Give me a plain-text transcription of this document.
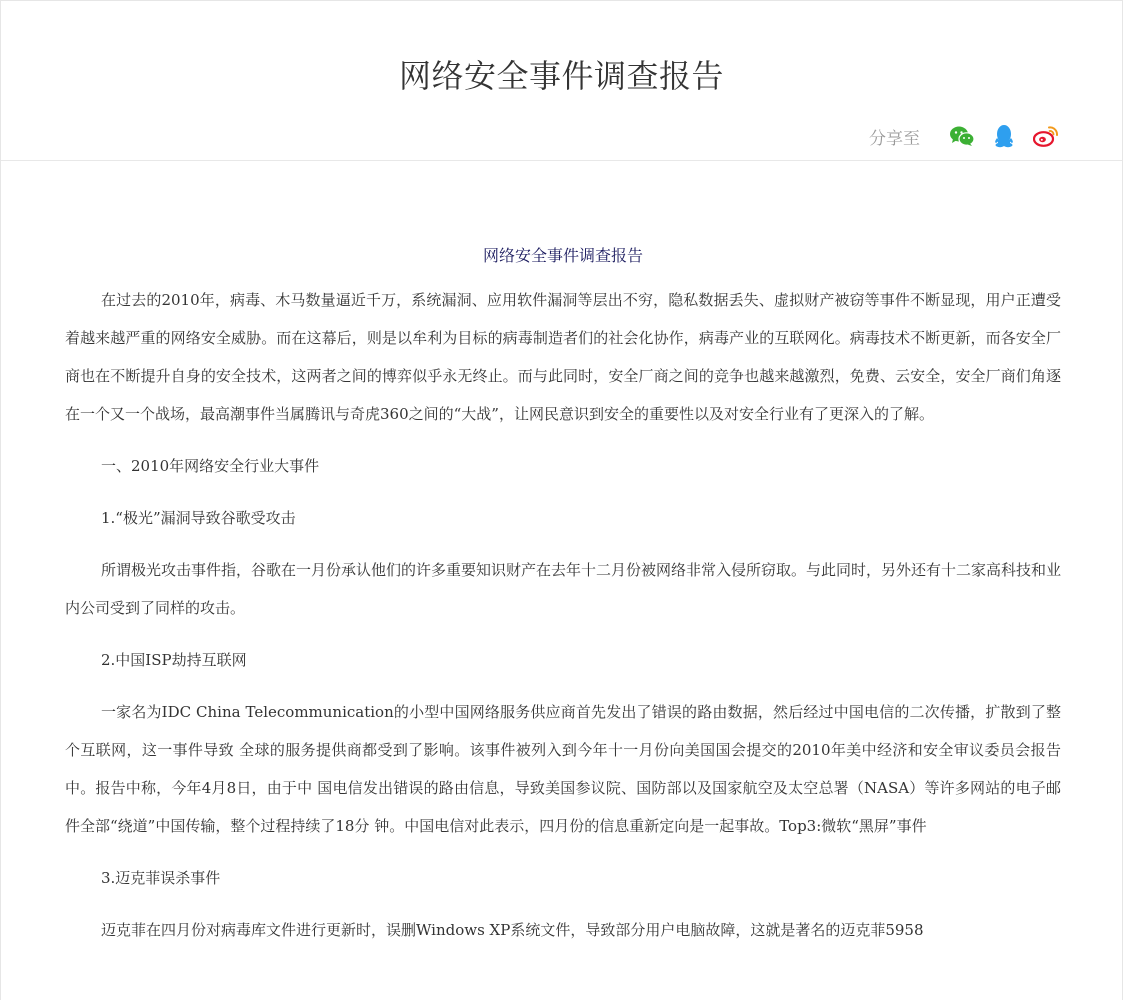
网络安全事件调查报告
分享至

网络安全事件调查报告

在过去的2010年，病毒、木马数量逼近千万，系统漏洞、应用软件漏洞等层出不穷，隐私数据丢失、虚拟财产被窃等事件不断显现，用户正遭受着越来越严重的网络安全威胁。而在这幕后，则是以牟利为目标的病毒制造者们的社会化协作，病毒产业的互联网化。病毒技术不断更新，而各安全厂商也在不断提升自身的安全技术，这两者之间的博弈似乎永无终止。而与此同时，安全厂商之间的竞争也越来越激烈，免费、云安全，安全厂商们角逐在一个又一个战场，最高潮事件当属腾讯与奇虎360之间的“大战”，让网民意识到安全的重要性以及对安全行业有了更深入的了解。

一、2010年网络安全行业大事件

1.“极光”漏洞导致谷歌受攻击

所谓极光攻击事件指，谷歌在一月份承认他们的许多重要知识财产在去年十二月份被网络非常入侵所窃取。与此同时，另外还有十二家高科技和业内公司受到了同样的攻击。

2.中国ISP劫持互联网

一家名为IDC China Telecommunication的小型中国网络服务供应商首先发出了错误的路由数据，然后经过中国电信的二次传播，扩散到了整个互联网，这一事件导致 全球的服务提供商都受到了影响。该事件被列入到今年十一月份向美国国会提交的2010年美中经济和安全审议委员会报告中。报告中称，今年4月8日，由于中 国电信发出错误的路由信息，导致美国参议院、国防部以及国家航空及太空总署（NASA）等许多网站的电子邮件全部“绕道”中国传输，整个过程持续了18分 钟。中国电信对此表示，四月份的信息重新定向是一起事故。Top3:微软“黑屏”事件

3.迈克菲误杀事件

迈克菲在四月份对病毒库文件进行更新时，误删Windows XP系统文件，导致部分用户电脑故障，这就是著名的迈克菲5958
